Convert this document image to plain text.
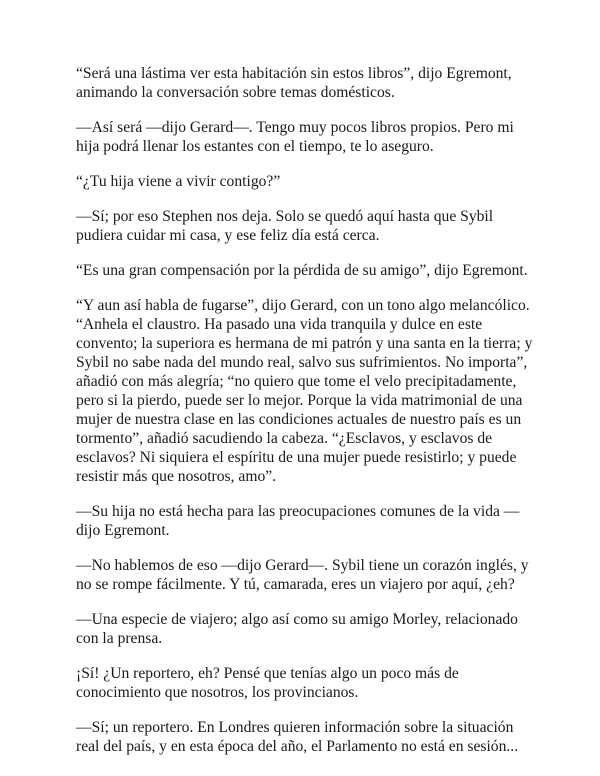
“Será una lástima ver esta habitación sin estos libros”, dijo Egremont, animando la conversación sobre temas domésticos.

—Así será —dijo Gerard—. Tengo muy pocos libros propios. Pero mi hija podrá llenar los estantes con el tiempo, te lo aseguro.

“¿Tu hija viene a vivir contigo?”

—Sí; por eso Stephen nos deja. Solo se quedó aquí hasta que Sybil pudiera cuidar mi casa, y ese feliz día está cerca.

“Es una gran compensación por la pérdida de su amigo”, dijo Egremont.

“Y aun así habla de fugarse”, dijo Gerard, con un tono algo melancólico. “Anhela el claustro. Ha pasado una vida tranquila y dulce en este convento; la superiora es hermana de mi patrón y una santa en la tierra; y Sybil no sabe nada del mundo real, salvo sus sufrimientos. No importa”, añadió con más alegría; “no quiero que tome el velo precipitadamente, pero si la pierdo, puede ser lo mejor. Porque la vida matrimonial de una mujer de nuestra clase en las condiciones actuales de nuestro país es un tormento”, añadió sacudiendo la cabeza. “¿Esclavos, y esclavos de esclavos? Ni siquiera el espíritu de una mujer puede resistirlo; y puede resistir más que nosotros, amo”.

—Su hija no está hecha para las preocupaciones comunes de la vida —dijo Egremont.

—No hablemos de eso —dijo Gerard—. Sybil tiene un corazón inglés, y no se rompe fácilmente. Y tú, camarada, eres un viajero por aquí, ¿eh?

—Una especie de viajero; algo así como su amigo Morley, relacionado con la prensa.

¡Sí! ¿Un reportero, eh? Pensé que tenías algo un poco más de conocimiento que nosotros, los provincianos.

—Sí; un reportero. En Londres quieren información sobre la situación real del país, y en esta época del año, el Parlamento no está en sesión...
